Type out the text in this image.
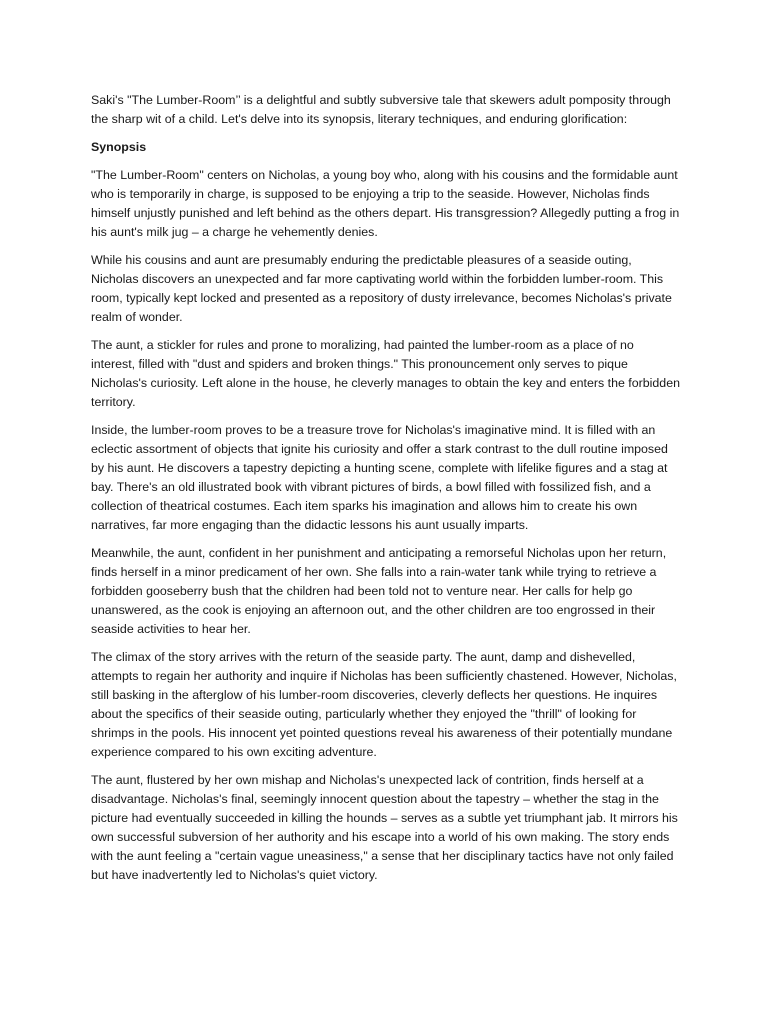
Saki's "The Lumber-Room’’ is a delightful and subtly subversive tale that skewers adult pomposity through the sharp wit of a child. Let's delve into its synopsis, literary techniques, and enduring glorification:

Synopsis

"The Lumber-Room" centers on Nicholas, a young boy who, along with his cousins and the formidable aunt who is temporarily in charge, is supposed to be enjoying a trip to the seaside. However, Nicholas finds himself unjustly punished and left behind as the others depart. His transgression? Allegedly putting a frog in his aunt's milk jug – a charge he vehemently denies.

While his cousins and aunt are presumably enduring the predictable pleasures of a seaside outing, Nicholas discovers an unexpected and far more captivating world within the forbidden lumber-room. This room, typically kept locked and presented as a repository of dusty irrelevance, becomes Nicholas's private realm of wonder.

The aunt, a stickler for rules and prone to moralizing, had painted the lumber-room as a place of no interest, filled with "dust and spiders and broken things." This pronouncement only serves to pique Nicholas's curiosity. Left alone in the house, he cleverly manages to obtain the key and enters the forbidden territory.

Inside, the lumber-room proves to be a treasure trove for Nicholas's imaginative mind. It is filled with an eclectic assortment of objects that ignite his curiosity and offer a stark contrast to the dull routine imposed by his aunt. He discovers a tapestry depicting a hunting scene, complete with lifelike figures and a stag at bay. There's an old illustrated book with vibrant pictures of birds, a bowl filled with fossilized fish, and a collection of theatrical costumes. Each item sparks his imagination and allows him to create his own narratives, far more engaging than the didactic lessons his aunt usually imparts.

Meanwhile, the aunt, confident in her punishment and anticipating a remorseful Nicholas upon her return, finds herself in a minor predicament of her own. She falls into a rain-water tank while trying to retrieve a forbidden gooseberry bush that the children had been told not to venture near. Her calls for help go unanswered, as the cook is enjoying an afternoon out, and the other children are too engrossed in their seaside activities to hear her.

The climax of the story arrives with the return of the seaside party. The aunt, damp and dishevelled, attempts to regain her authority and inquire if Nicholas has been sufficiently chastened. However, Nicholas, still basking in the afterglow of his lumber-room discoveries, cleverly deflects her questions. He inquires about the specifics of their seaside outing, particularly whether they enjoyed the "thrill" of looking for shrimps in the pools. His innocent yet pointed questions reveal his awareness of their potentially mundane experience compared to his own exciting adventure.

The aunt, flustered by her own mishap and Nicholas's unexpected lack of contrition, finds herself at a disadvantage. Nicholas's final, seemingly innocent question about the tapestry – whether the stag in the picture had eventually succeeded in killing the hounds – serves as a subtle yet triumphant jab. It mirrors his own successful subversion of her authority and his escape into a world of his own making. The story ends with the aunt feeling a "certain vague uneasiness," a sense that her disciplinary tactics have not only failed but have inadvertently led to Nicholas's quiet victory.
